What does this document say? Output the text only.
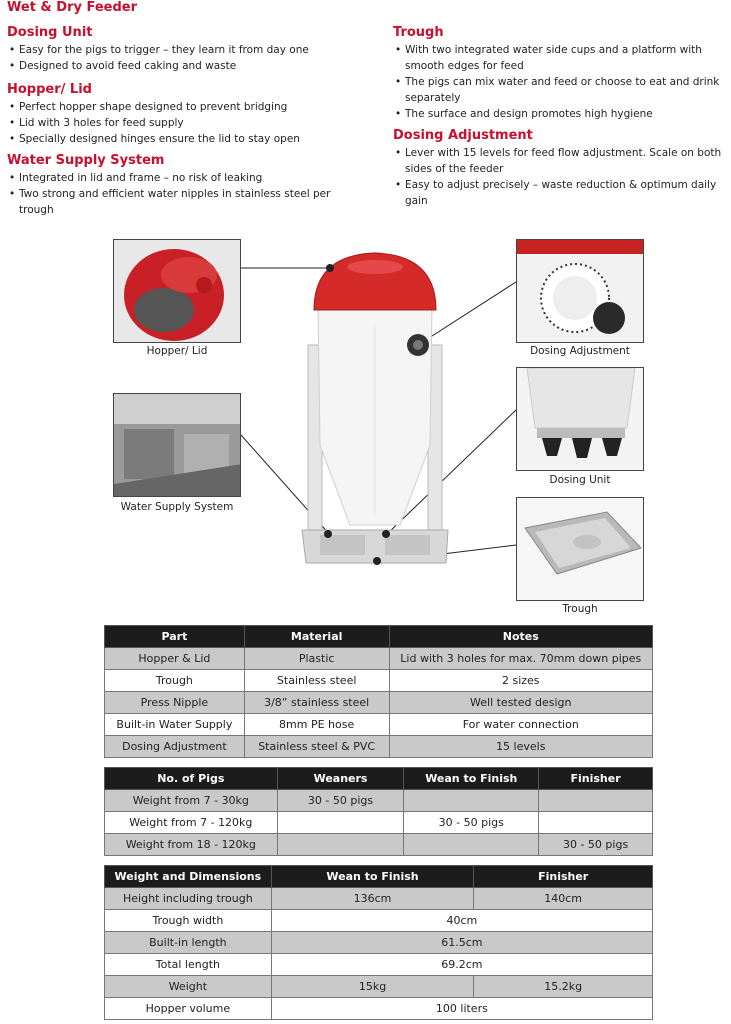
Wet & Dry Feeder
Dosing Unit
• Easy for the pigs to trigger – they learn it from day one
• Designed to avoid feed caking and waste
Hopper/ Lid
• Perfect hopper shape designed to prevent bridging
• Lid with 3 holes for feed supply
• Specially designed hinges ensure the lid to stay open
Water Supply System
• Integrated in lid and frame – no risk of leaking
• Two strong and efficient water nipples in stainless steel per trough
Trough
• With two integrated water side cups and a platform with smooth edges for feed
• The pigs can mix water and feed or choose to eat and drink separately
• The surface and design promotes high hygiene
Dosing Adjustment
• Lever with 15 levels for feed flow adjustment. Scale on both sides of the feeder
• Easy to adjust precisely – waste reduction & optimum daily gain
Hopper/ Lid
Water Supply System
Dosing Adjustment
Dosing Unit
Trough
Part	Material	Notes
Hopper & Lid	Plastic	Lid with 3 holes for max. 70mm down pipes
Trough	Stainless steel	2 sizes
Press Nipple	3/8” stainless steel	Well tested design
Built-in Water Supply	8mm PE hose	For water connection
Dosing Adjustment	Stainless steel & PVC	15 levels
No. of Pigs	Weaners	Wean to Finish	Finisher
Weight from 7 - 30kg	30 - 50 pigs		
Weight from 7 - 120kg		30 - 50 pigs	
Weight from 18 - 120kg			30 - 50 pigs
Weight and Dimensions	Wean to Finish	Finisher
Height including trough	136cm	140cm
Trough width	40cm	
Built-in length	61.5cm	
Total length	69.2cm	
Weight	15kg	15.2kg
Hopper volume	100 liters	
